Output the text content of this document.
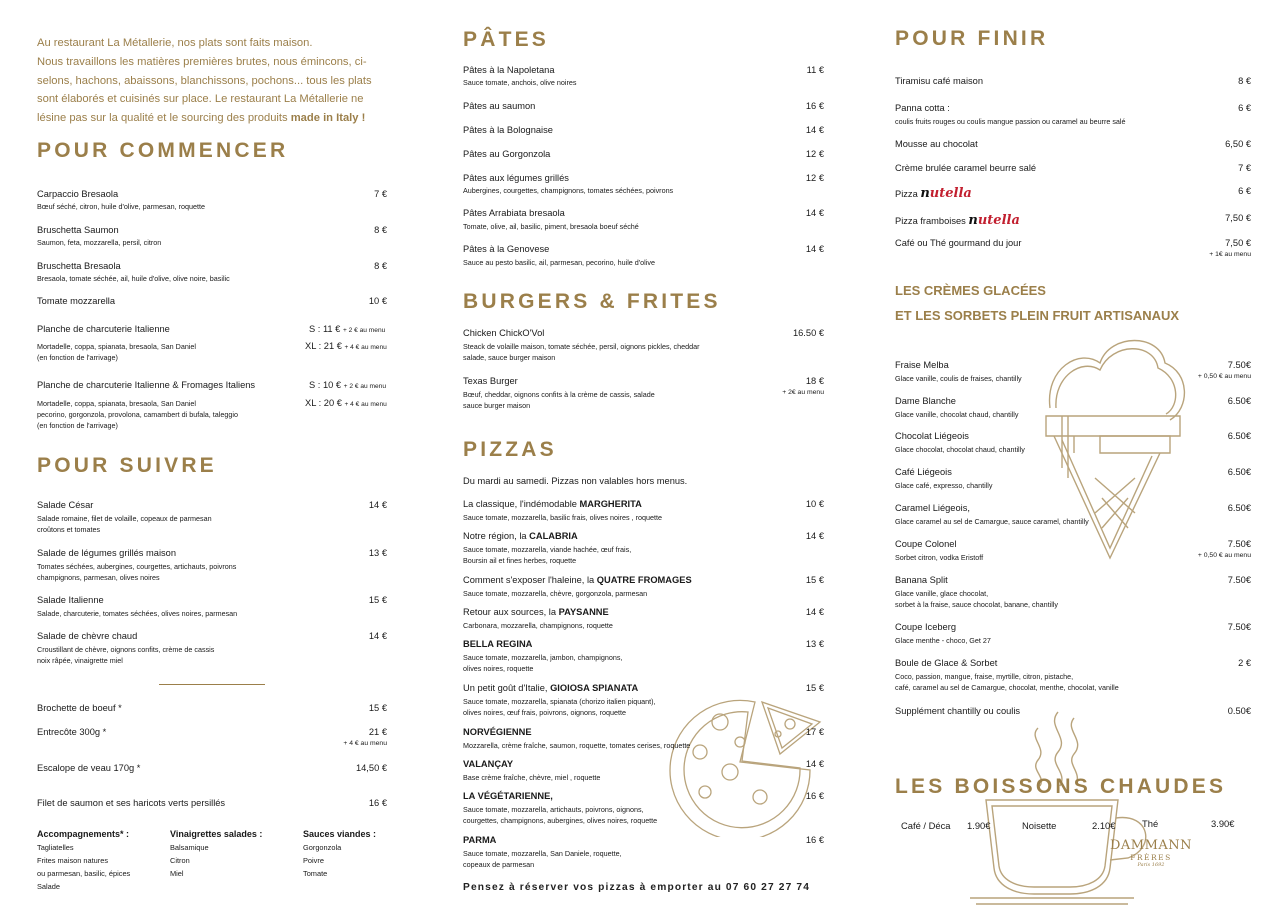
Au restaurant La Métallerie, nos plats sont faits maison.
Nous travaillons les matières premières brutes, nous émincons, ci-
selons, hachons, abaissons, blanchissons, pochons... tous les plats
sont élaborés et cuisinés sur place. Le restaurant La Métallerie ne
lésine pas sur la qualité et le sourcing des produits made in Italy !
POUR COMMENCER
Carpaccio Bresaola	7 €
Bœuf séché, citron, huile d'olive, parmesan, roquette
Bruschetta Saumon	8 €
Saumon, feta, mozzarella, persil, citron
Bruschetta Bresaola	8 €
Bresaola, tomate séchée, ail, huile d'olive, olive noire, basilic
Tomate mozzarella	10 €
Planche de charcuterie Italienne	S : 11 € + 2 € au menu
Mortadelle, coppa, spianata, bresaola, San Daniel	XL : 21 € + 4 € au menu
(en fonction de l'arrivage)
Planche de charcuterie Italienne & Fromages Italiens	S : 10 € + 2 € au menu
Mortadelle, coppa, spianata, bresaola, San Daniel	XL : 20 € + 4 € au menu
pecorino, gorgonzola, provolona, camambert di bufala, taleggio
(en fonction de l'arrivage)
POUR SUIVRE
Salade César	14 €
Salade romaine, filet de volaille, copeaux de parmesan
croûtons et tomates
Salade de légumes grillés maison	13 €
Tomates séchées, aubergines, courgettes, artichauts, poivrons
champignons, parmesan, olives noires
Salade Italienne	15 €
Salade, charcuterie, tomates séchées, olives noires, parmesan
Salade de chèvre chaud	14 €
Croustillant de chèvre, oignons confits, crème de cassis
noix râpée, vinaigrette miel
Brochette de boeuf *	15 €
Entrecôte 300g *	21 €
+ 4 € au menu
Escalope de veau 170g *	14,50 €
Filet de saumon et ses haricots verts persillés	16 €
Accompagnements* :
Tagliatelles
Frites maison natures
ou parmesan, basilic, épices
Salade
Vinaigrettes salades :
Balsamique
Citron
Miel
Sauces viandes :
Gorgonzola
Poivre
Tomate
PÂTES
Pâtes à la Napoletana	11 €
Sauce tomate, anchois, olive noires
Pâtes au saumon	16 €
Pâtes à la Bolognaise	14 €
Pâtes au Gorgonzola	12 €
Pâtes aux légumes grillés	12 €
Aubergines, courgettes, champignons, tomates séchées, poivrons
Pâtes Arrabiata bresaola	14 €
Tomate, olive, ail, basilic, piment, bresaola boeuf séché
Pâtes à la Genovese	14 €
Sauce au pesto basilic, ail, parmesan, pecorino, huile d'olive
BURGERS & FRITES
Chicken ChickO'Vol	16.50 €
Steack de volaille maison, tomate séchée, persil, oignons pickles, cheddar
salade, sauce burger maison
Texas Burger	18 €
+ 2€ au menu
Bœuf, cheddar, oignons confits à la crème de cassis, salade
sauce burger maison
PIZZAS
Du mardi au samedi. Pizzas non valables hors menus.
La classique, l'indémodable MARGHERITA	10 €
Sauce tomate, mozzarella, basilic frais, olives noires , roquette
Notre région, la CALABRIA	14 €
Sauce tomate, mozzarella, viande hachée, œuf frais,
Boursin ail et fines herbes, roquette
Comment s'exposer l'haleine, la QUATRE FROMAGES	15 €
Sauce tomate, mozzarella, chèvre, gorgonzola, parmesan
Retour aux sources, la PAYSANNE	14 €
Carbonara, mozzarella, champignons, roquette
BELLA REGINA	13 €
Sauce tomate, mozzarella, jambon, champignons,
olives noires, roquette
Un petit goût d'Italie, GIOIOSA SPIANATA	15 €
Sauce tomate, mozzarella, spianata (chorizo italien piquant),
olives noires, œuf frais, poivrons, oignons, roquette
NORVÉGIENNE	17 €
Mozzarella, crème fraîche, saumon, roquette, tomates cerises, roquette
VALANÇAY	14 €
Base crème fraîche, chèvre, miel , roquette
LA VÉGÉTARIENNE,	16 €
Sauce tomate, mozzarella, artichauts, poivrons, oignons,
courgettes, champignons, aubergines, olives noires, roquette
PARMA	16 €
Sauce tomate, mozzarella, San Daniele, roquette,
copeaux de parmesan
Pensez à réserver vos pizzas à emporter au 07 60 27 27 74
POUR FINIR
Tiramisu café maison	8 €
Panna cotta :	6 €
coulis fruits rouges ou coulis mangue passion ou caramel au beurre salé
Mousse au chocolat	6,50 €
Crème brulée caramel beurre salé	7 €
Pizza nutella	6 €
Pizza framboises nutella	7,50 €
Café ou Thé gourmand du jour	7,50 €
+ 1€ au menu
LES CRÈMES GLACÉES
ET LES SORBETS PLEIN FRUIT ARTISANAUX
Fraise Melba	7.50€
Glace vanille, coulis de fraises, chantilly	+ 0,50 € au menu
Dame Blanche	6.50€
Glace vanille, chocolat chaud, chantilly
Chocolat Liégeois	6.50€
Glace chocolat, chocolat chaud, chantilly
Café Liégeois	6.50€
Glace café, expresso, chantilly
Caramel Liégeois,	6.50€
Glace caramel au sel de Camargue, sauce caramel, chantilly
Coupe Colonel	7.50€
Sorbet citron, vodka Eristoff	+ 0,50 € au menu
Banana Split	7.50€
Glace vanille, glace chocolat,
sorbet à la fraise, sauce chocolat, banane, chantilly
Coupe Iceberg	7.50€
Glace menthe - choco, Get 27
Boule de Glace & Sorbet	2 €
Coco, passion, mangue, fraise, myrtille, citron, pistache,
café, caramel au sel de Camargue, chocolat, menthe, chocolat, vanille
Supplément chantilly ou coulis	0.50€
LES BOISSONS CHAUDES
Café / Déca 1.90€	Noisette	2.10€	Thé	3.90€
DAMMANN
FRÈRES
Paris 1692
